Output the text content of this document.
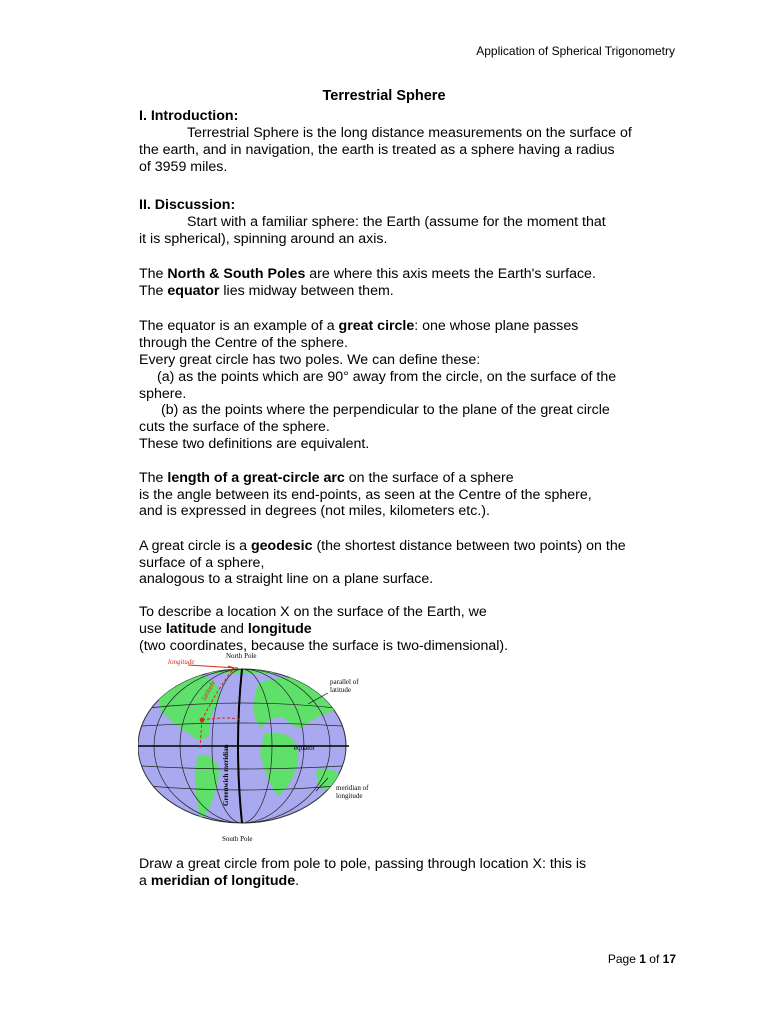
Application of Spherical Trigonometry
Terrestrial Sphere
I. Introduction:
Terrestrial Sphere is the long distance measurements on the surface of
the earth, and in navigation, the earth is treated as a sphere having a radius
of 3959 miles.
II. Discussion:
Start with a familiar sphere: the Earth (assume for the moment that
it is spherical), spinning around an axis.
The North & South Poles are where this axis meets the Earth's surface.
The equator lies midway between them.
The equator is an example of a great circle: one whose plane passes
through the Centre of the sphere.
Every great circle has two poles. We can define these:
(a) as the points which are 90° away from the circle, on the surface of the
sphere.
(b) as the points where the perpendicular to the plane of the great circle
cuts the surface of the sphere.
These two definitions are equivalent.
The length of a great-circle arc on the surface of a sphere
is the angle between its end-points, as seen at the Centre of the sphere,
and is expressed in degrees (not miles, kilometers etc.).
A great circle is a geodesic (the shortest distance between two points) on the
surface of a sphere,
analogous to a straight line on a plane surface.
To describe a location X on the surface of the Earth, we
use latitude and longitude
(two coordinates, because the surface is two-dimensional).
North Pole
South Pole
longitude
latitude	parallel of
latitude
equator
meridian of
longitude
Greenwich meridian
Draw a great circle from pole to pole, passing through location X: this is
a meridian of longitude.
Page 1 of 17
